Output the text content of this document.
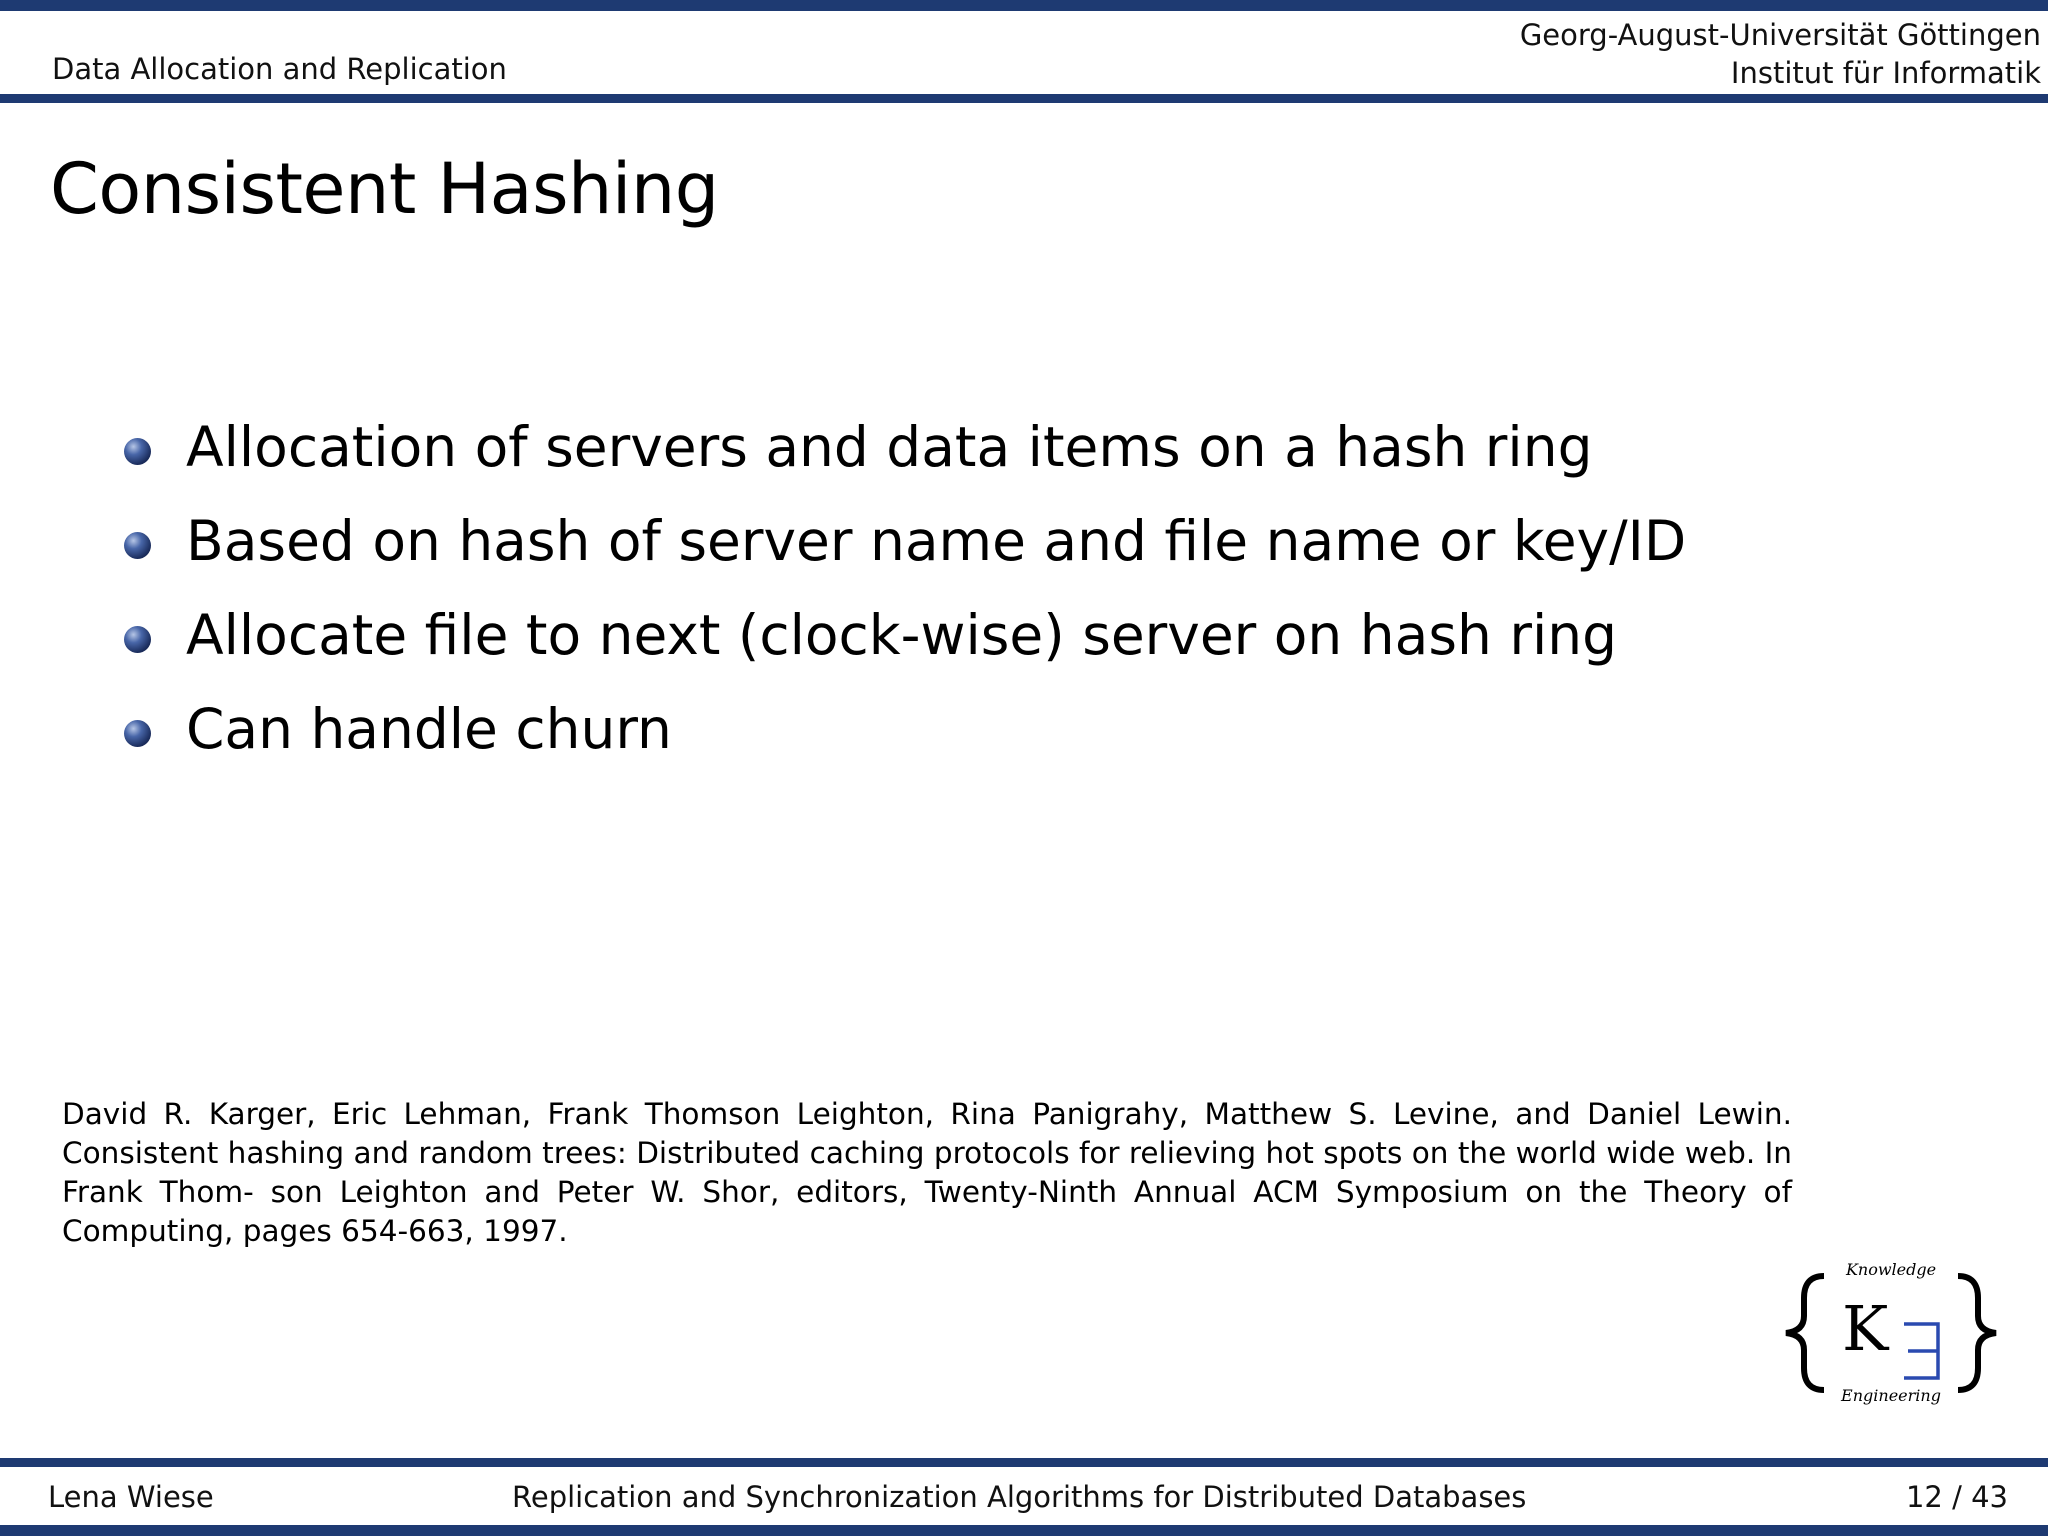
Data Allocation and Replication
Georg-August-Universität Göttingen
Institut für Informatik
Consistent Hashing
Allocation of servers and data items on a hash ring
Based on hash of server name and file name or key/ID
Allocate file to next (clock-wise) server on hash ring
Can handle churn
David R. Karger, Eric Lehman, Frank Thomson Leighton, Rina Panigrahy, Matthew S. Levine, and Daniel Lewin. Consistent hashing and random trees: Distributed caching protocols for relieving hot spots on the world wide web. In Frank Thom- son Leighton and Peter W. Shor, editors, Twenty-Ninth Annual ACM Symposium on the Theory of Computing, pages 654-663, 1997.
Knowledge
K
Engineering
Lena Wiese	Replication and Synchronization Algorithms for Distributed Databases	12 / 43
